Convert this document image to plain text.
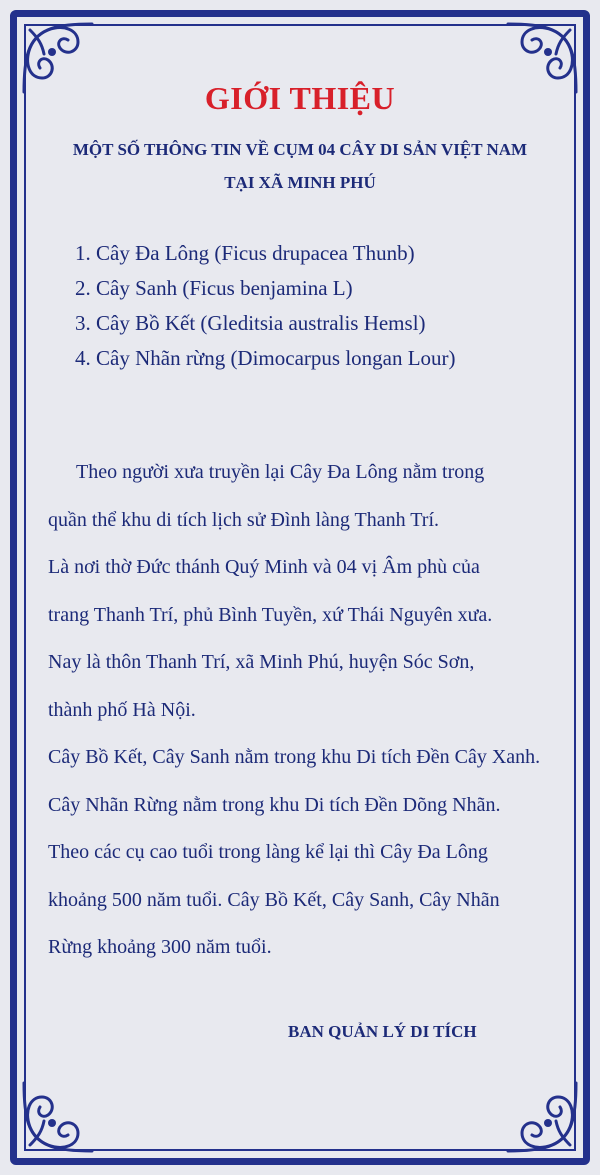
GIỚI THIỆU
MỘT SỐ THÔNG TIN VỀ CỤM 04 CÂY DI SẢN VIỆT NAM
TẠI XÃ MINH PHÚ
1. Cây Đa Lông (Ficus drupacea Thunb)
2. Cây Sanh (Ficus benjamina L)
3. Cây Bồ Kết (Gleditsia australis Hemsl)
4. Cây Nhãn rừng (Dimocarpus longan Lour)
Theo người xưa truyền lại Cây Đa Lông nằm trong
quần thể khu di tích lịch sử Đình làng Thanh Trí.
Là nơi thờ Đức thánh Quý Minh và 04 vị Âm phù của
trang Thanh Trí, phủ Bình Tuyền, xứ Thái Nguyên xưa.
Nay là thôn Thanh Trí, xã Minh Phú, huyện Sóc Sơn,
thành phố Hà Nội.
Cây Bồ Kết, Cây Sanh nằm trong khu Di tích Đền Cây Xanh.
Cây Nhãn Rừng nằm trong khu Di tích Đền Dõng Nhãn.
Theo các cụ cao tuổi trong làng kể lại thì Cây Đa Lông
khoảng 500 năm tuổi. Cây Bồ Kết, Cây Sanh, Cây Nhãn
Rừng khoảng 300 năm tuổi.
BAN QUẢN LÝ DI TÍCH
